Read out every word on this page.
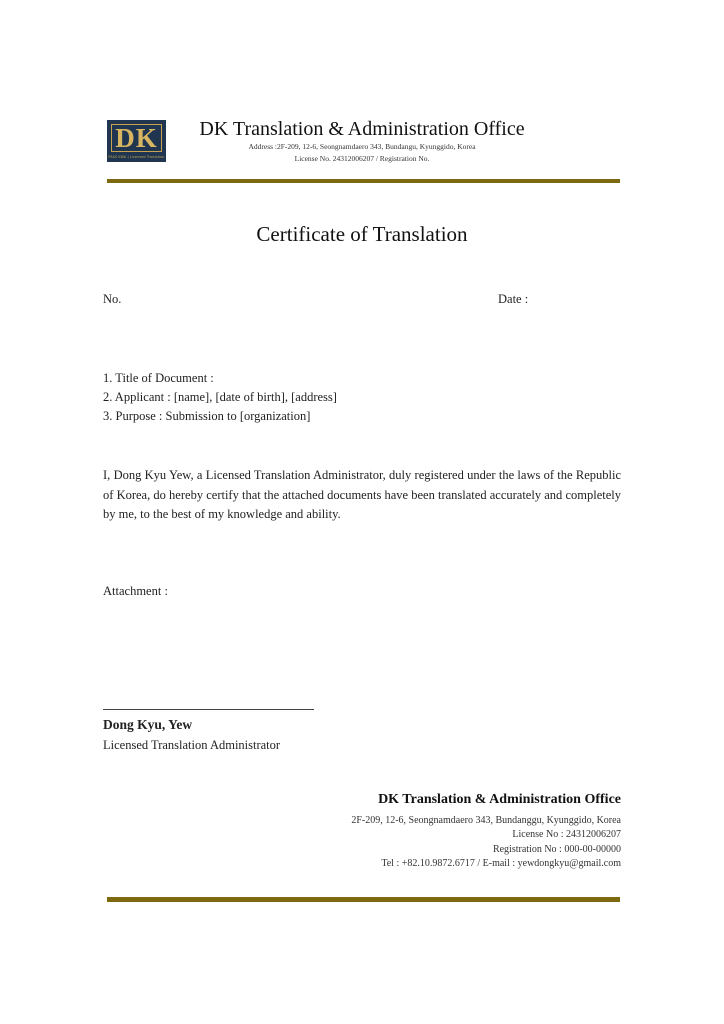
DK
PASS KWA | Licensed Translator
DK Translation & Administration Office
Address :2F-209, 12-6, Seongnamdaero 343, Bundangu, Kyunggido, Korea
License No. 24312006207 / Registration No.
Certificate of Translation
No.	Date :
1. Title of Document :
2. Applicant : [name], [date of birth], [address]
3. Purpose : Submission to [organization]
I, Dong Kyu Yew, a Licensed Translation Administrator, duly registered under the laws of the Republic of Korea, do hereby certify that the attached documents have been translated accurately and completely by me, to the best of my knowledge and ability.
Attachment :
Dong Kyu, Yew
Licensed Translation Administrator
DK Translation & Administration Office
2F-209, 12-6, Seongnamdaero 343, Bundanggu, Kyunggido, Korea
License No : 24312006207
Registration No : 000-00-00000
Tel : +82.10.9872.6717 / E-mail : yewdongkyu@gmail.com
